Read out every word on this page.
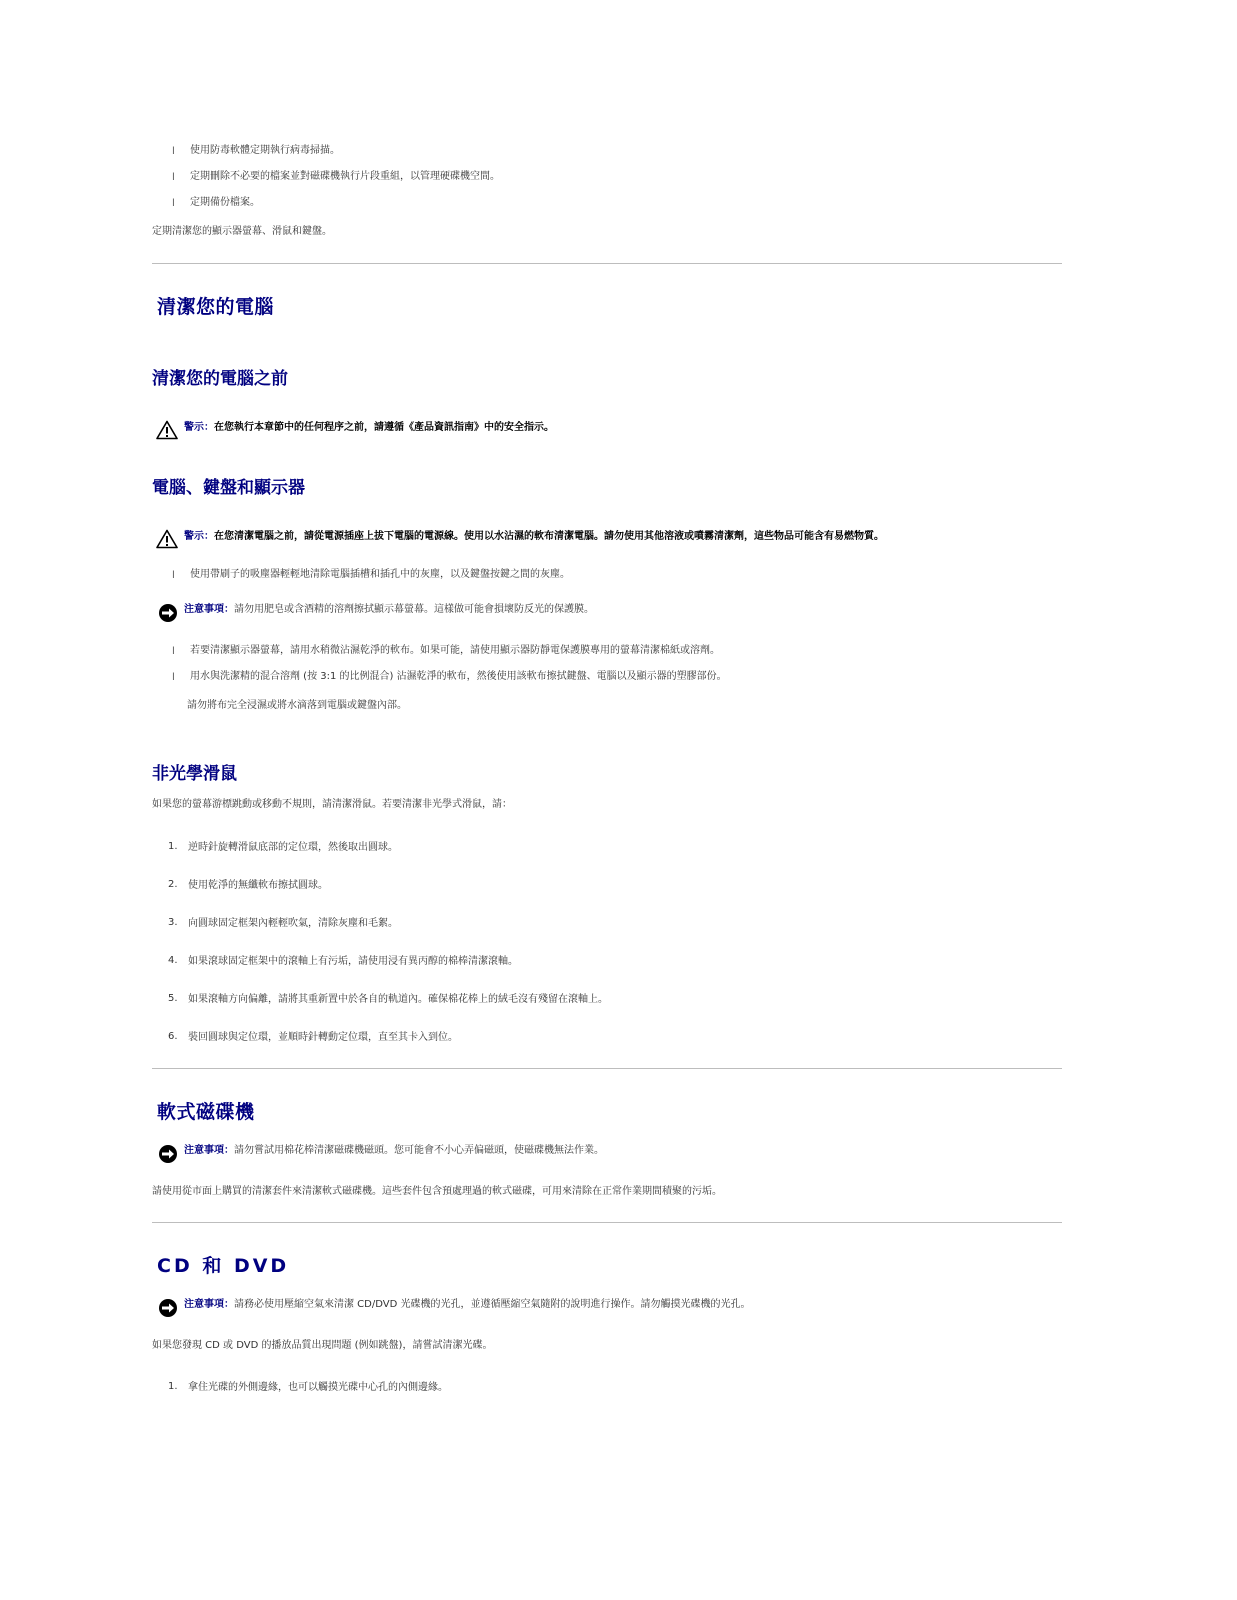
l 使用防毒軟體定期執行病毒掃描。
l 定期刪除不必要的檔案並對磁碟機執行片段重組，以管理硬碟機空間。
l 定期備份檔案。
定期清潔您的顯示器螢幕、滑鼠和鍵盤。
清潔您的電腦
清潔您的電腦之前
警示：在您執行本章節中的任何程序之前，請遵循《產品資訊指南》中的安全指示。
電腦、鍵盤和顯示器
警示：在您清潔電腦之前，請從電源插座上拔下電腦的電源線。使用以水沾濕的軟布清潔電腦。請勿使用其他溶液或噴霧清潔劑，這些物品可能含有易燃物質。
l 使用帶刷子的吸塵器輕輕地清除電腦插槽和插孔中的灰塵，以及鍵盤按鍵之間的灰塵。
注意事項：請勿用肥皂或含酒精的溶劑擦拭顯示幕螢幕。這樣做可能會損壞防反光的保護膜。
l 若要清潔顯示器螢幕，請用水稍微沾濕乾淨的軟布。如果可能，請使用顯示器防靜電保護膜專用的螢幕清潔棉紙或溶劑。
l 用水與洗潔精的混合溶劑 (按 3:1 的比例混合) 沾濕乾淨的軟布，然後使用該軟布擦拭鍵盤、電腦以及顯示器的塑膠部份。
請勿將布完全浸濕或將水滴落到電腦或鍵盤內部。
非光學滑鼠
如果您的螢幕游標跳動或移動不規則，請清潔滑鼠。若要清潔非光學式滑鼠，請：
1. 逆時針旋轉滑鼠底部的定位環，然後取出圓球。
2. 使用乾淨的無纖軟布擦拭圓球。
3. 向圓球固定框架內輕輕吹氣，清除灰塵和毛絮。
4. 如果滾球固定框架中的滾軸上有污垢，請使用浸有異丙醇的棉棒清潔滾軸。
5. 如果滾軸方向偏離，請將其重新置中於各自的軌道內。確保棉花棒上的絨毛沒有殘留在滾軸上。
6. 裝回圓球與定位環，並順時針轉動定位環，直至其卡入到位。
軟式磁碟機
注意事項：請勿嘗試用棉花棒清潔磁碟機磁頭。您可能會不小心弄偏磁頭，使磁碟機無法作業。
請使用從市面上購買的清潔套件來清潔軟式磁碟機。這些套件包含預處理過的軟式磁碟，可用來清除在正常作業期間積聚的污垢。
CD 和 DVD
注意事項：請務必使用壓縮空氣來清潔 CD/DVD 光碟機的光孔，並遵循壓縮空氣隨附的說明進行操作。請勿觸摸光碟機的光孔。
如果您發現 CD 或 DVD 的播放品質出現問題 (例如跳盤)，請嘗試清潔光碟。
1. 拿住光碟的外側邊緣，也可以觸摸光碟中心孔的內側邊緣。
